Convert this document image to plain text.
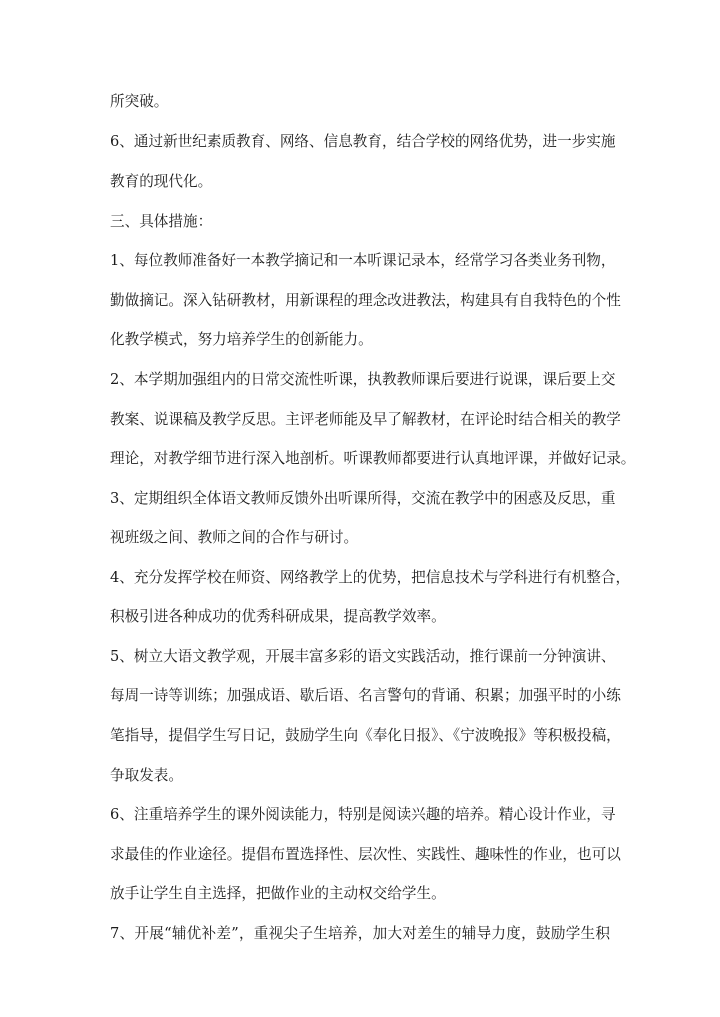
所突破。
6、通过新世纪素质教育、网络、信息教育，结合学校的网络优势，进一步实施
教育的现代化。
三、具体措施：
1、每位教师准备好一本教学摘记和一本听课记录本，经常学习各类业务刊物，
勤做摘记。深入钻研教材，用新课程的理念改进教法，构建具有自我特色的个性
化教学模式，努力培养学生的创新能力。
2、本学期加强组内的日常交流性听课，执教教师课后要进行说课，课后要上交
教案、说课稿及教学反思。主评老师能及早了解教材，在评论时结合相关的教学
理论，对教学细节进行深入地剖析。听课教师都要进行认真地评课，并做好记录。
3、定期组织全体语文教师反馈外出听课所得，交流在教学中的困惑及反思，重
视班级之间、教师之间的合作与研讨。
4、充分发挥学校在师资、网络教学上的优势，把信息技术与学科进行有机整合，
积极引进各种成功的优秀科研成果，提高教学效率。
5、树立大语文教学观，开展丰富多彩的语文实践活动，推行课前一分钟演讲、
每周一诗等训练；加强成语、歇后语、名言警句的背诵、积累；加强平时的小练
笔指导，提倡学生写日记，鼓励学生向《奉化日报》、《宁波晚报》等积极投稿，
争取发表。
6、注重培养学生的课外阅读能力，特别是阅读兴趣的培养。精心设计作业，寻
求最佳的作业途径。提倡布置选择性、层次性、实践性、趣味性的作业，也可以
放手让学生自主选择，把做作业的主动权交给学生。
7、开展“辅优补差”，重视尖子生培养，加大对差生的辅导力度，鼓励学生积
